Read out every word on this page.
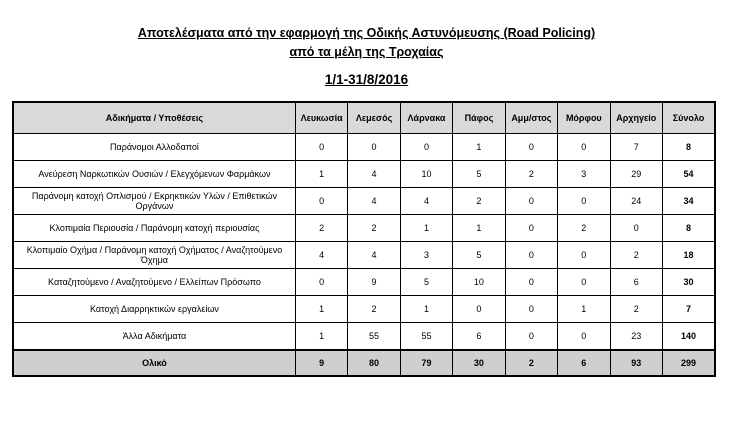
Αποτελέσματα από την εφαρμογή της Οδικής Αστυνόμευσης (Road Policing)
από τα μέλη της Τροχαίας
1/1-31/8/2016
Αδικήματα / Υποθέσεις	Λευκωσία	Λεμεσός	Λάρνακα	Πάφος	Αμμ/στος	Μόρφου	Αρχηγείο	Σύνολο
Παράνομοι Αλλοδαποί	0	0	0	1	0	0	7	8
Ανεύρεση Ναρκωτικών Ουσιών / Ελεγχόμενων Φαρμάκων	1	4	10	5	2	3	29	54
Παράνομη κατοχή Οπλισμού / Εκρηκτικών Υλών / Επιθετικών Οργάνων	0	4	4	2	0	0	24	34
Κλοπιμαία Περιουσία / Παράνομη κατοχή περιουσίας	2	2	1	1	0	2	0	8
Κλοπιμαίο Οχήμα / Παράνομη κατοχή Οχήματος / Αναζητούμενο Όχημα	4	4	3	5	0	0	2	18
Καταζητούμενο / Αναζητούμενο / Ελλείπων Πρόσωπο	0	9	5	10	0	0	6	30
Κατοχή Διαρρηκτικών εργαλείων	1	2	1	0	0	1	2	7
Άλλα Αδικήματα	1	55	55	6	0	0	23	140
Ολικό	9	80	79	30	2	6	93	299
